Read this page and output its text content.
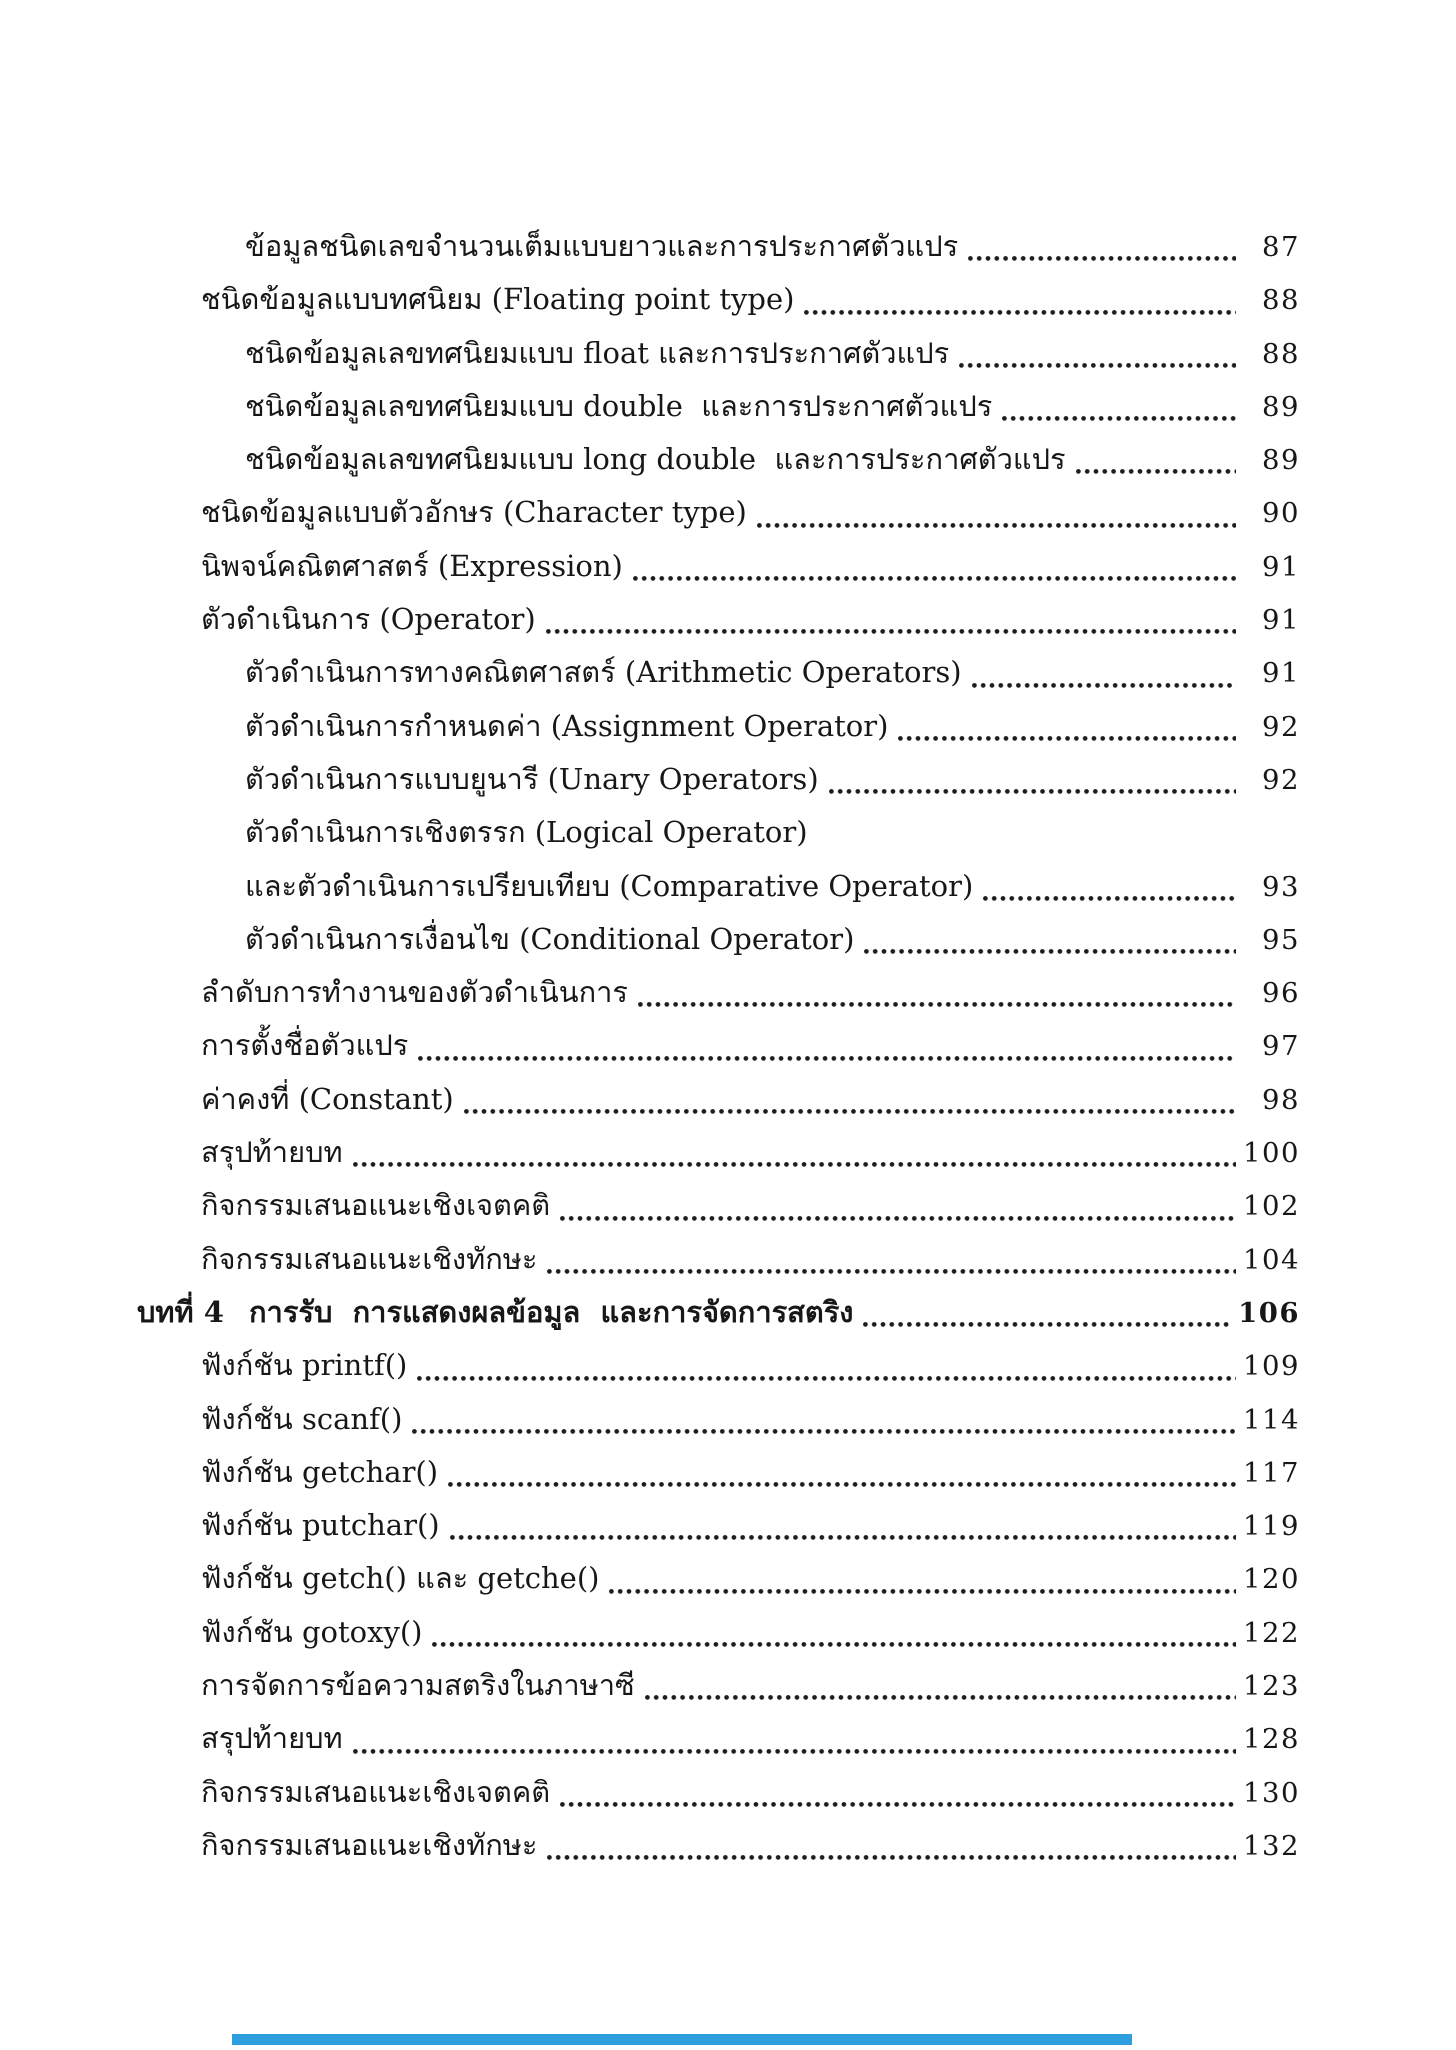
ข้อมูลชนิดเลขจำนวนเต็มแบบยาวและการประกาศตัวแปร	87
ชนิดข้อมูลแบบทศนิยม (Floating point type)	88
ชนิดข้อมูลเลขทศนิยมแบบ float และการประกาศตัวแปร	88
ชนิดข้อมูลเลขทศนิยมแบบ double  และการประกาศตัวแปร	89
ชนิดข้อมูลเลขทศนิยมแบบ long double  และการประกาศตัวแปร	89
ชนิดข้อมูลแบบตัวอักษร (Character type)	90
นิพจน์คณิตศาสตร์ (Expression)	91
ตัวดำเนินการ (Operator)	91
ตัวดำเนินการทางคณิตศาสตร์ (Arithmetic Operators)	91
ตัวดำเนินการกำหนดค่า (Assignment Operator)	92
ตัวดำเนินการแบบยูนารี (Unary Operators)	92
ตัวดำเนินการเชิงตรรก (Logical Operator)
และตัวดำเนินการเปรียบเทียบ (Comparative Operator)	93
ตัวดำเนินการเงื่อนไข (Conditional Operator)	95
ลำดับการทำงานของตัวดำเนินการ	96
การตั้งชื่อตัวแปร	97
ค่าคงที่ (Constant)	98
สรุปท้ายบท	100
กิจกรรมเสนอแนะเชิงเจตคติ	102
กิจกรรมเสนอแนะเชิงทักษะ	104
บทที่ 4 การรับ  การแสดงผลข้อมูล  และการจัดการสตริง	106
ฟังก์ชัน printf()	109
ฟังก์ชัน scanf()	114
ฟังก์ชัน getchar()	117
ฟังก์ชัน putchar()	119
ฟังก์ชัน getch() และ getche()	120
ฟังก์ชัน gotoxy()	122
การจัดการข้อความสตริงในภาษาซี	123
สรุปท้ายบท	128
กิจกรรมเสนอแนะเชิงเจตคติ	130
กิจกรรมเสนอแนะเชิงทักษะ	132
